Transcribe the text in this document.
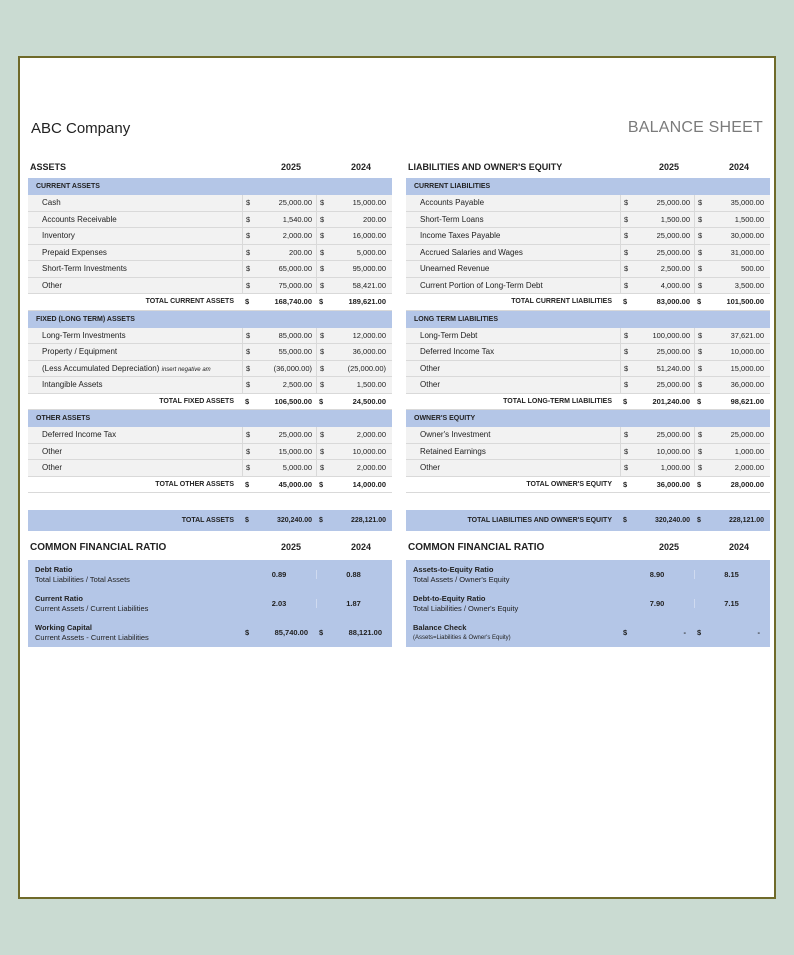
ABC Company	BALANCE SHEET
ASSETS	2025	2024
CURRENT ASSETS
Cash	$	25,000.00	$	15,000.00
Accounts Receivable	$	1,540.00	$	200.00
Inventory	$	2,000.00	$	16,000.00
Prepaid Expenses	$	200.00	$	5,000.00
Short-Term Investments	$	65,000.00	$	95,000.00
Other	$	75,000.00	$	58,421.00
TOTAL CURRENT ASSETS	$	168,740.00 $	189,621.00
FIXED (LONG TERM) ASSETS
Long-Term Investments	$	85,000.00	$	12,000.00
Property / Equipment	$	55,000.00	$	36,000.00
(Less Accumulated Depreciation) insert negative am	$	(36,000.00)	$	(25,000.00)
Intangible Assets	$	2,500.00	$	1,500.00
TOTAL FIXED ASSETS	$	106,500.00 $	24,500.00
OTHER ASSETS
Deferred Income Tax	$	25,000.00	$	2,000.00
Other	$	15,000.00	$	10,000.00
Other	$	5,000.00	$	2,000.00
TOTAL OTHER ASSETS	$	45,000.00 $	14,000.00
LIABILITIES AND OWNER'S EQUITY	2025	2024
CURRENT LIABILITIES
Accounts Payable	$	25,000.00	$	35,000.00
Short-Term Loans	$	1,500.00	$	1,500.00
Income Taxes Payable	$	25,000.00	$	30,000.00
Accrued Salaries and Wages	$	25,000.00	$	31,000.00
Unearned Revenue	$	2,500.00	$	500.00
Current Portion of Long-Term Debt	$	4,000.00	$	3,500.00
TOTAL CURRENT LIABILITIES	$	83,000.00 $	101,500.00
LONG TERM LIABILITIES
Long-Term Debt	$	100,000.00	$	37,621.00
Deferred Income Tax	$	25,000.00	$	10,000.00
Other	$	51,240.00	$	15,000.00
Other	$	25,000.00	$	36,000.00
TOTAL LONG-TERM LIABILITIES	$	201,240.00 $	98,621.00
OWNER'S EQUITY
Owner's Investment	$	25,000.00	$	25,000.00
Retained Earnings	$	10,000.00	$	1,000.00
Other	$	1,000.00	$	2,000.00
TOTAL OWNER'S EQUITY	$	36,000.00 $	28,000.00
TOTAL ASSETS	$	320,240.00	$	228,121.00	TOTAL LIABILITIES AND OWNER'S EQUITY	$	320,240.00	$	228,121.00
COMMON FINANCIAL RATIO	2025	2024	COMMON FINANCIAL RATIO	2025	2024
Debt Ratio
Total Liabilities / Total Assets	0.89	0.88
Current Ratio
Current Assets / Current Liabilities	2.03	1.87
Working Capital
Current Assets - Current Liabilities	$	85,740.00	$	88,121.00
Assets-to-Equity Ratio
Total Assets / Owner's Equity	8.90	8.15
Debt-to-Equity Ratio
Total Liabilities / Owner's Equity	7.90	7.15
Balance Check
(Assets=Liabilities & Owner's Equity)
$	-	$	-
